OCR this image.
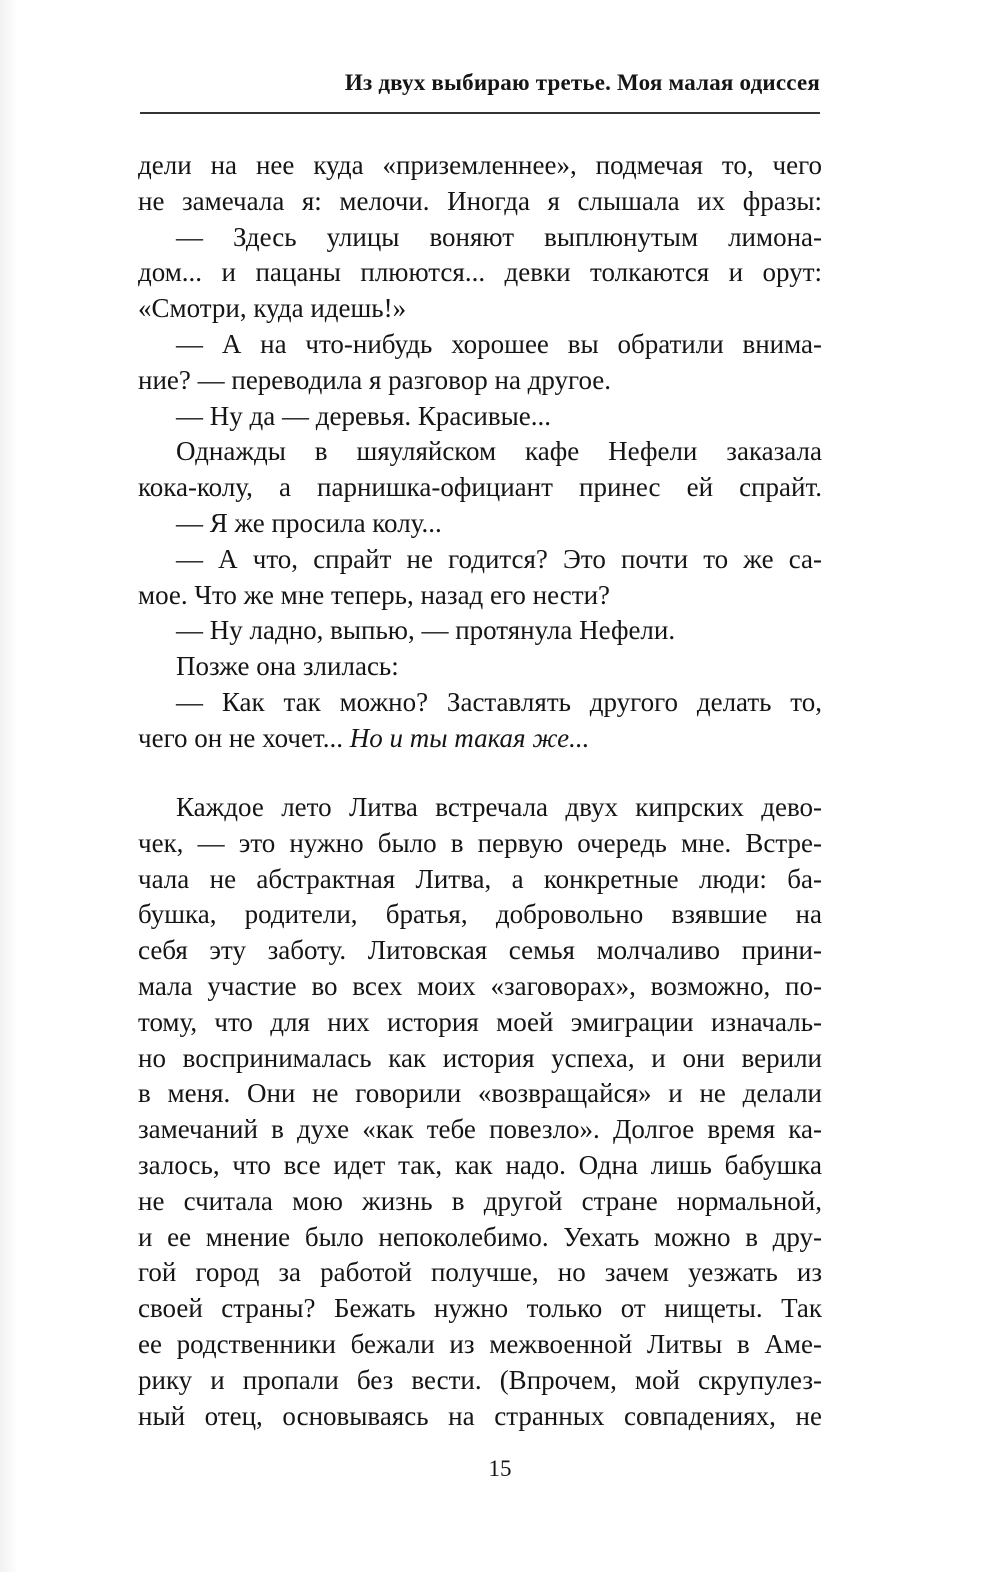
Из двух выбираю третье. Моя малая одиссея
дели на нее куда «приземленнее», подмечая то, чего
не замечала я: мелочи. Иногда я слышала их фразы:
— Здесь улицы воняют выплюнутым лимона-
дом... и пацаны плюются... девки толкаются и орут:
«Смотри, куда идешь!»
— А на что-нибудь хорошее вы обратили внима-
ние? — переводила я разговор на другое.
— Ну да — деревья. Красивые...
Однажды в шяуляйском кафе Нефели заказала
кока-колу, а парнишка-официант принес ей спрайт.
— Я же просила колу...
— А что, спрайт не годится? Это почти то же са-
мое. Что же мне теперь, назад его нести?
— Ну ладно, выпью, — протянула Нефели.
Позже она злилась:
— Как так можно? Заставлять другого делать то,
чего он не хочет... Но и ты такая же...
Каждое лето Литва встречала двух кипрских дево-
чек, — это нужно было в первую очередь мне. Встре-
чала не абстрактная Литва, а конкретные люди: ба-
бушка, родители, братья, добровольно взявшие на
себя эту заботу. Литовская семья молчаливо прини-
мала участие во всех моих «заговорах», возможно, по-
тому, что для них история моей эмиграции изначаль-
но воспринималась как история успеха, и они верили
в меня. Они не говорили «возвращайся» и не делали
замечаний в духе «как тебе повезло». Долгое время ка-
залось, что все идет так, как надо. Одна лишь бабушка
не считала мою жизнь в другой стране нормальной,
и ее мнение было непоколебимо. Уехать можно в дру-
гой город за работой получше, но зачем уезжать из
своей страны? Бежать нужно только от нищеты. Так
ее родственники бежали из межвоенной Литвы в Аме-
рику и пропали без вести. (Впрочем, мой скрупулез-
ный отец, основываясь на странных совпадениях, не
15
